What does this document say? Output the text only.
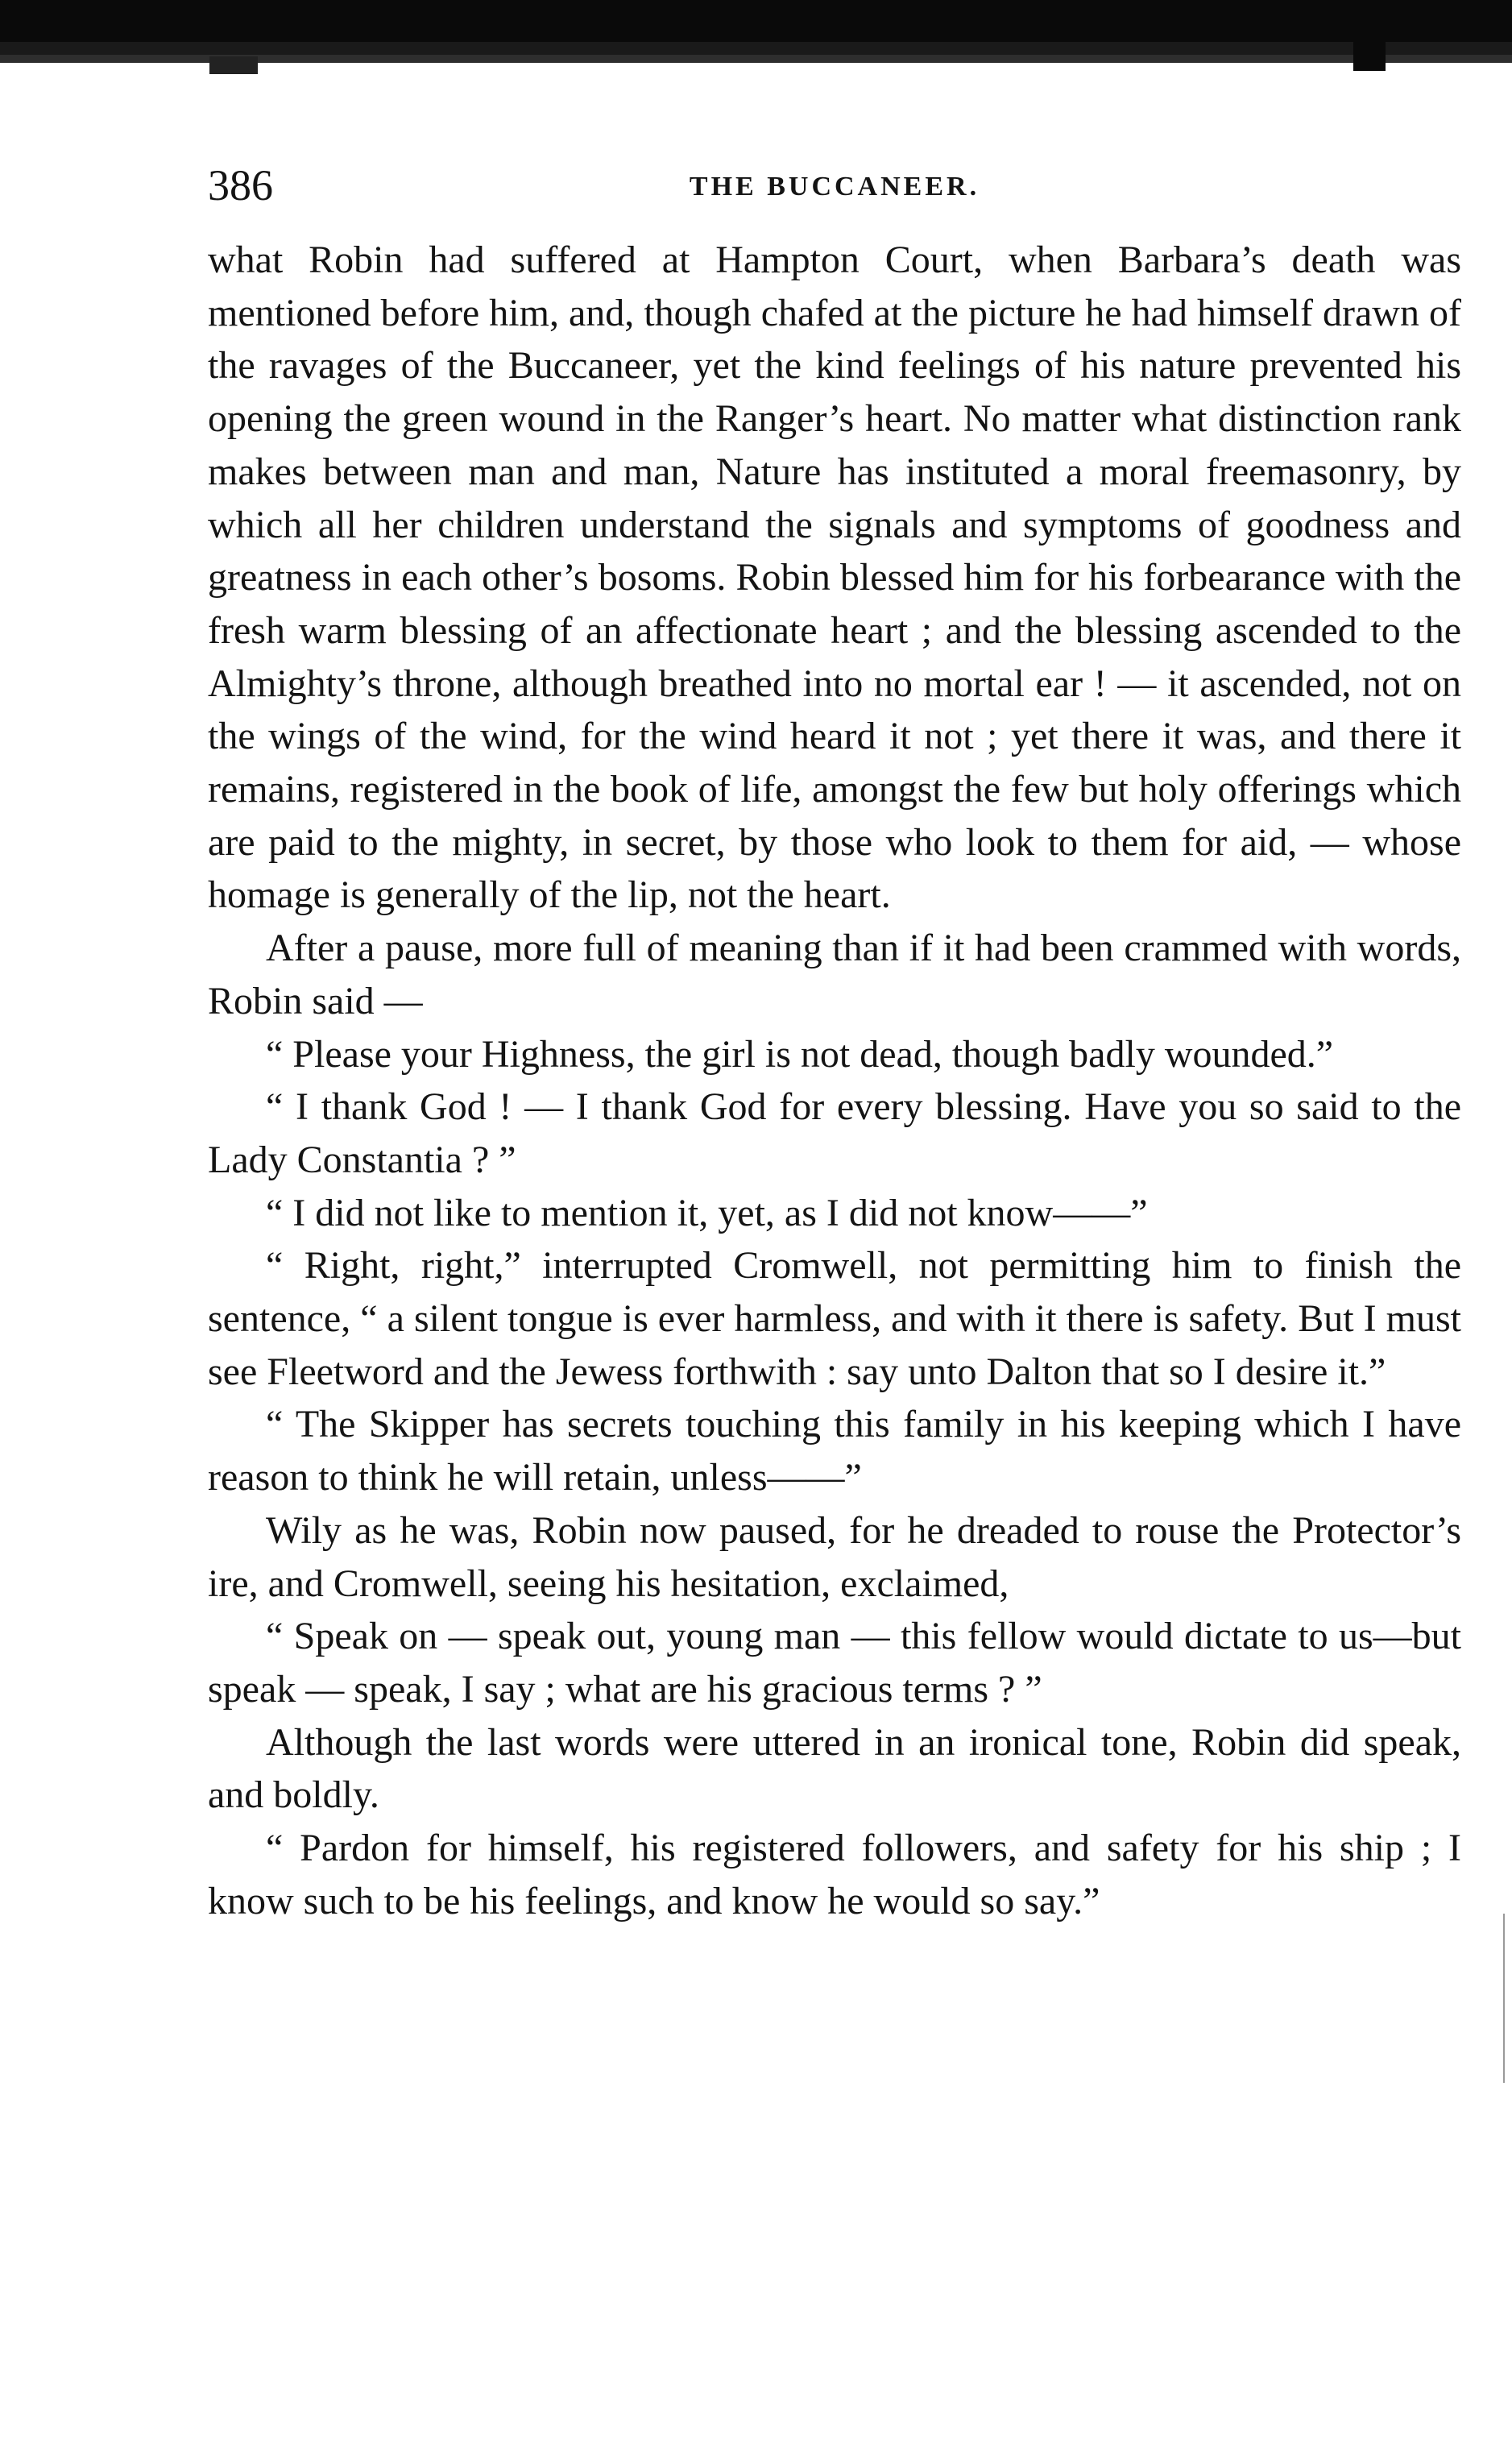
386	THE BUCCANEER.

what Robin had suffered at Hampton Court, when Barbara’s death was mentioned before him, and, though chafed at the picture he had himself drawn of the ravages of the Buccaneer, yet the kind feelings of his nature prevented his opening the green wound in the Ranger’s heart. No matter what distinction rank makes between man and man, Nature has instituted a moral freemasonry, by which all her children understand the signals and symptoms of goodness and greatness in each other’s bosoms. Robin blessed him for his forbearance with the fresh warm blessing of an affectionate heart ; and the blessing ascended to the Almighty’s throne, although breathed into no mortal ear ! — it ascended, not on the wings of the wind, for the wind heard it not ; yet there it was, and there it remains, registered in the book of life, amongst the few but holy offerings which are paid to the mighty, in secret, by those who look to them for aid, — whose homage is generally of the lip, not the heart.

After a pause, more full of meaning than if it had been crammed with words, Robin said —

“ Please your Highness, the girl is not dead, though badly wounded.”

“ I thank God ! — I thank God for every blessing. Have you so said to the Lady Constantia ? ”

“ I did not like to mention it, yet, as I did not know——”

“ Right, right,” interrupted Cromwell, not permitting him to finish the sentence, “ a silent tongue is ever harmless, and with it there is safety. But I must see Fleetword and the Jewess forthwith : say unto Dalton that so I desire it.”

“ The Skipper has secrets touching this family in his keeping which I have reason to think he will retain, unless——”

Wily as he was, Robin now paused, for he dreaded to rouse the Protector’s ire, and Cromwell, seeing his hesitation, exclaimed,

“ Speak on — speak out, young man — this fellow would dictate to us—but speak — speak, I say ; what are his gracious terms ? ”

Although the last words were uttered in an ironical tone, Robin did speak, and boldly.

“ Pardon for himself, his registered followers, and safety for his ship ; I know such to be his feelings, and know he would so say.”
